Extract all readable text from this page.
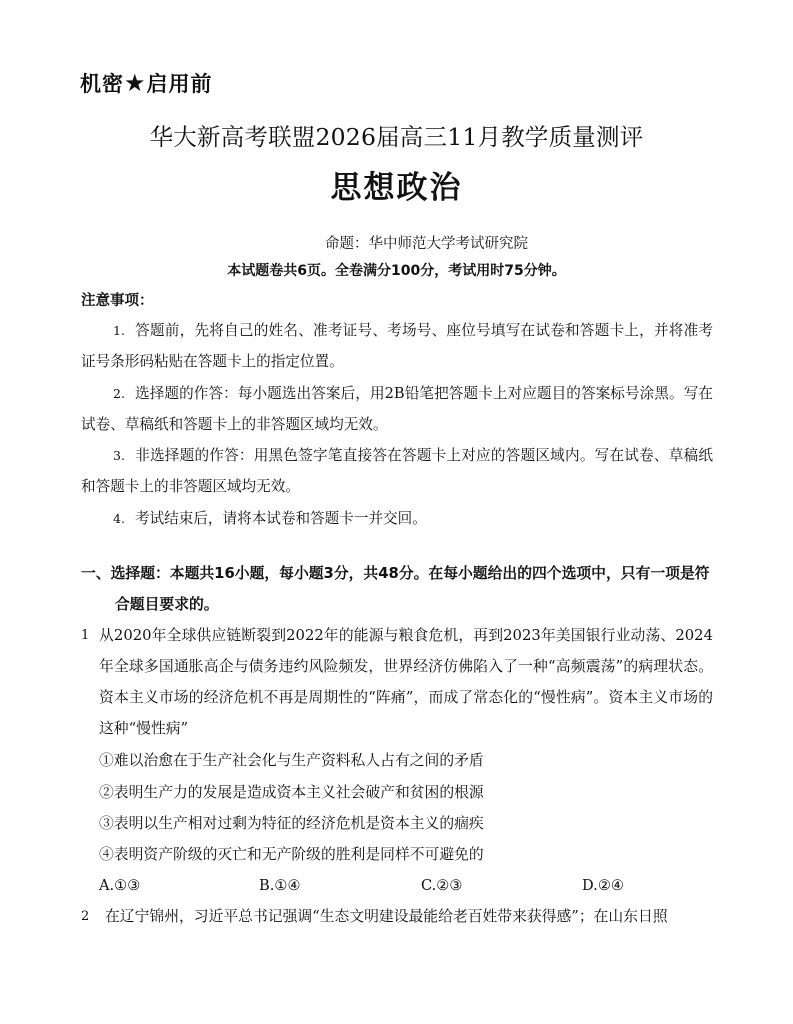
机密★启用前
华大新高考联盟2026届高三11月教学质量测评
思想政治
命题：华中师范大学考试研究院
本试题卷共6页。全卷满分100分，考试用时75分钟。
注意事项：
1. 答题前，先将自己的姓名、准考证号、考场号、座位号填写在试卷和答题卡上，并将准考证号条形码粘贴在答题卡上的指定位置。
2. 选择题的作答：每小题选出答案后，用2B铅笔把答题卡上对应题目的答案标号涂黑。写在试卷、草稿纸和答题卡上的非答题区域均无效。
3. 非选择题的作答：用黑色签字笔直接答在答题卡上对应的答题区域内。写在试卷、草稿纸和答题卡上的非答题区域均无效。
4. 考试结束后，请将本试卷和答题卡一并交回。
一、选择题：本题共16小题，每小题3分，共48分。在每小题给出的四个选项中，只有一项是符合题目要求的。
1 从2020年全球供应链断裂到2022年的能源与粮食危机，再到2023年美国银行业动荡、2024年全球多国通胀高企与债务违约风险频发，世界经济仿佛陷入了一种“高频震荡”的病理状态。资本主义市场的经济危机不再是周期性的“阵痛”，而成了常态化的“慢性病”。资本主义市场的这种“慢性病”
①难以治愈在于生产社会化与生产资料私人占有之间的矛盾
②表明生产力的发展是造成资本主义社会破产和贫困的根源
③表明以生产相对过剩为特征的经济危机是资本主义的痼疾
④表明资产阶级的灭亡和无产阶级的胜利是同样不可避免的
A.①③	B.①④	C.②③	D.②④
2 在辽宁锦州，习近平总书记强调“生态文明建设最能给老百姓带来获得感”；在山东日照
